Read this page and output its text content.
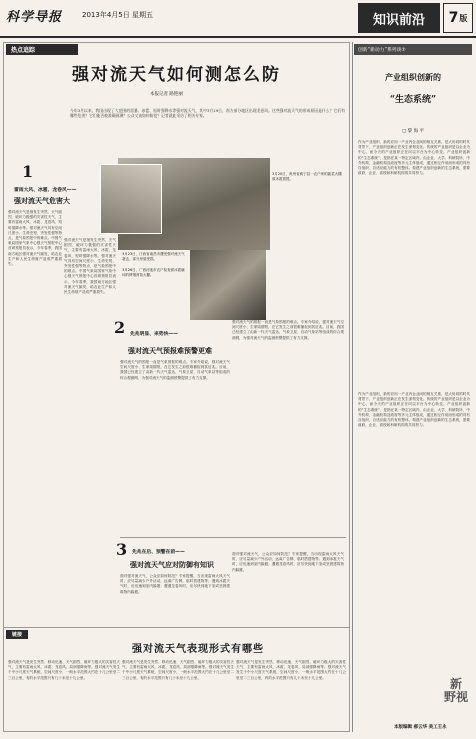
科学导报	2013年4月5日 星期五	知识前沿	7 版
热点追踪
强对流天气如何测怎么防
本报记者 路艳丽
今年3月以来，我国出现了大范围的雷暴、冰雹、短时强降水等强对流天气，其中3月19日，南方部分地区出现龙卷风。这些强对流天气的形成原因是什么？它们有哪些危害？它们能否被准确预测？公众又该如何防范？记者就此采访了相关专家。
3月20日，贵州省威宁县一农户家的蔬菜大棚被冰雹损毁。
3月23日，江西省南昌市遭受强对流天气袭击，部分房屋受损。
3月26日，广西河池市农户检查被冰雹砸坏的烤烟育苗大棚。
1
雷雨大风、冰雹、龙卷风——
强对流天气危害大
强对流天气是指发生突然、天气剧烈、破坏力极强的灾害性天气，主要有雷雨大风、冰雹、龙卷风、短时强降水等。强对流天气具有空间尺度小、生命史短、突发性强等特点，是气象预报中的难点。中国气象局国家气象中心强天气预报中心首席预报员表示，今年春季，我国南方地区强对流天气频发，给农业生产和人民生命财产造成严重损失。
强对流天气是指发生突然、天气剧烈、破坏力极强的灾害性天气，主要有雷雨大风、冰雹、龙卷风、短时强降水等。强对流天气具有空间尺度小、生命史短、突发性强等特点，是气象预报中的难点。中国气象局国家气象中心强天气预报中心首席预报员表示，今年春季，我国南方地区强对流天气频发，给农业生产和人民生命财产造成严重损失。
2 先兆明显、来势快——
强对流天气预报难预警更难
强对流天气的预报一直是气象预报的难点。专家介绍说，强对流天气空间尺度小、生命周期短，在它发生之前很难捕捉到其征兆。目前，我国已经建立了由新一代天气雷达、气象卫星、自动气象站等组成的综合观测网，为强对流天气的监测预警提供了有力支撑。
强对流天气的预报一直是气象预报的难点。专家介绍说，强对流天气空间尺度小、生命周期短，在它发生之前很难捕捉到其征兆。目前，我国已经建立了由新一代天气雷达、气象卫星、自动气象站等组成的综合观测网，为强对流天气的监测预警提供了有力支撑。
3 先兆在后、预警在前——
强对流天气应对防御有知识
面对强对流天气，公众应如何防范？专家提醒，当出现雷雨大风天气时，应尽量减少户外活动，远离广告牌、临时搭建物等；遇到冰雹天气时，应迅速到室内躲避；遭遇龙卷风时，应尽快到地下室或坚固建筑物内躲避。
面对强对流天气，公众应如何防范？专家提醒，当出现雷雨大风天气时，应尽量减少户外活动，远离广告牌、临时搭建物等；遇到冰雹天气时，应迅速到室内躲避；遭遇龙卷风时，应尽快到地下室或坚固建筑物内躲避。
链接
强对流天气表现形式有哪些
强对流天气是发生突然、移动迅速、天气剧烈、破坏力极大的灾害性天气，主要有雷雨大风、冰雹、龙卷风、局部强降雨等。强对流天气发生于中小尺度天气系统，空间尺度小，一般水平范围大约在十几公里至二三百公里，有的水平范围只有几十米至十几公里。
强对流天气是发生突然、移动迅速、天气剧烈、破坏力极大的灾害性天气，主要有雷雨大风、冰雹、龙卷风、局部强降雨等。强对流天气发生于中小尺度天气系统，空间尺度小，一般水平范围大约在十几公里至二三百公里，有的水平范围只有几十米至十几公里。
强对流天气是发生突然、移动迅速、天气剧烈、破坏力极大的灾害性天气，主要有雷雨大风、冰雹、龙卷风、局部强降雨等。强对流天气发生于中小尺度天气系统，空间尺度小，一般水平范围大约在十几公里至二三百公里，有的水平范围只有几十米至十几公里。
创新“新动力”系列谈⑦
产业组织创新的
“生态系统”
□ 黎 海 平
作为产业组织，新的应用一产业内企业间的相互关系，是大协同的时代背景下，产业组织创新正在发生深刻变化。传统的产业组织是以企业为中心，而今天的产业组织正在向以平台为中心转变。产业组织创新的“生态系统”，是指在某一特定区域内，由企业、大学、科研院所、中介机构、金融机构及政府等多元主体组成，通过相互作用而形成的具有自组织、自适应能力的有机整体。构建产业组织创新的生态系统，需要政府、企业、高校和科研机构的共同努力。
作为产业组织，新的应用一产业内企业间的相互关系，是大协同的时代背景下，产业组织创新正在发生深刻变化。传统的产业组织是以企业为中心，而今天的产业组织正在向以平台为中心转变。产业组织创新的“生态系统”，是指在某一特定区域内，由企业、大学、科研院所、中介机构、金融机构及政府等多元主体组成，通过相互作用而形成的具有自组织、自适应能力的有机整体。构建产业组织创新的生态系统，需要政府、企业、高校和科研机构的共同努力。
新
野视
本版编辑 郝云华 美工王永
